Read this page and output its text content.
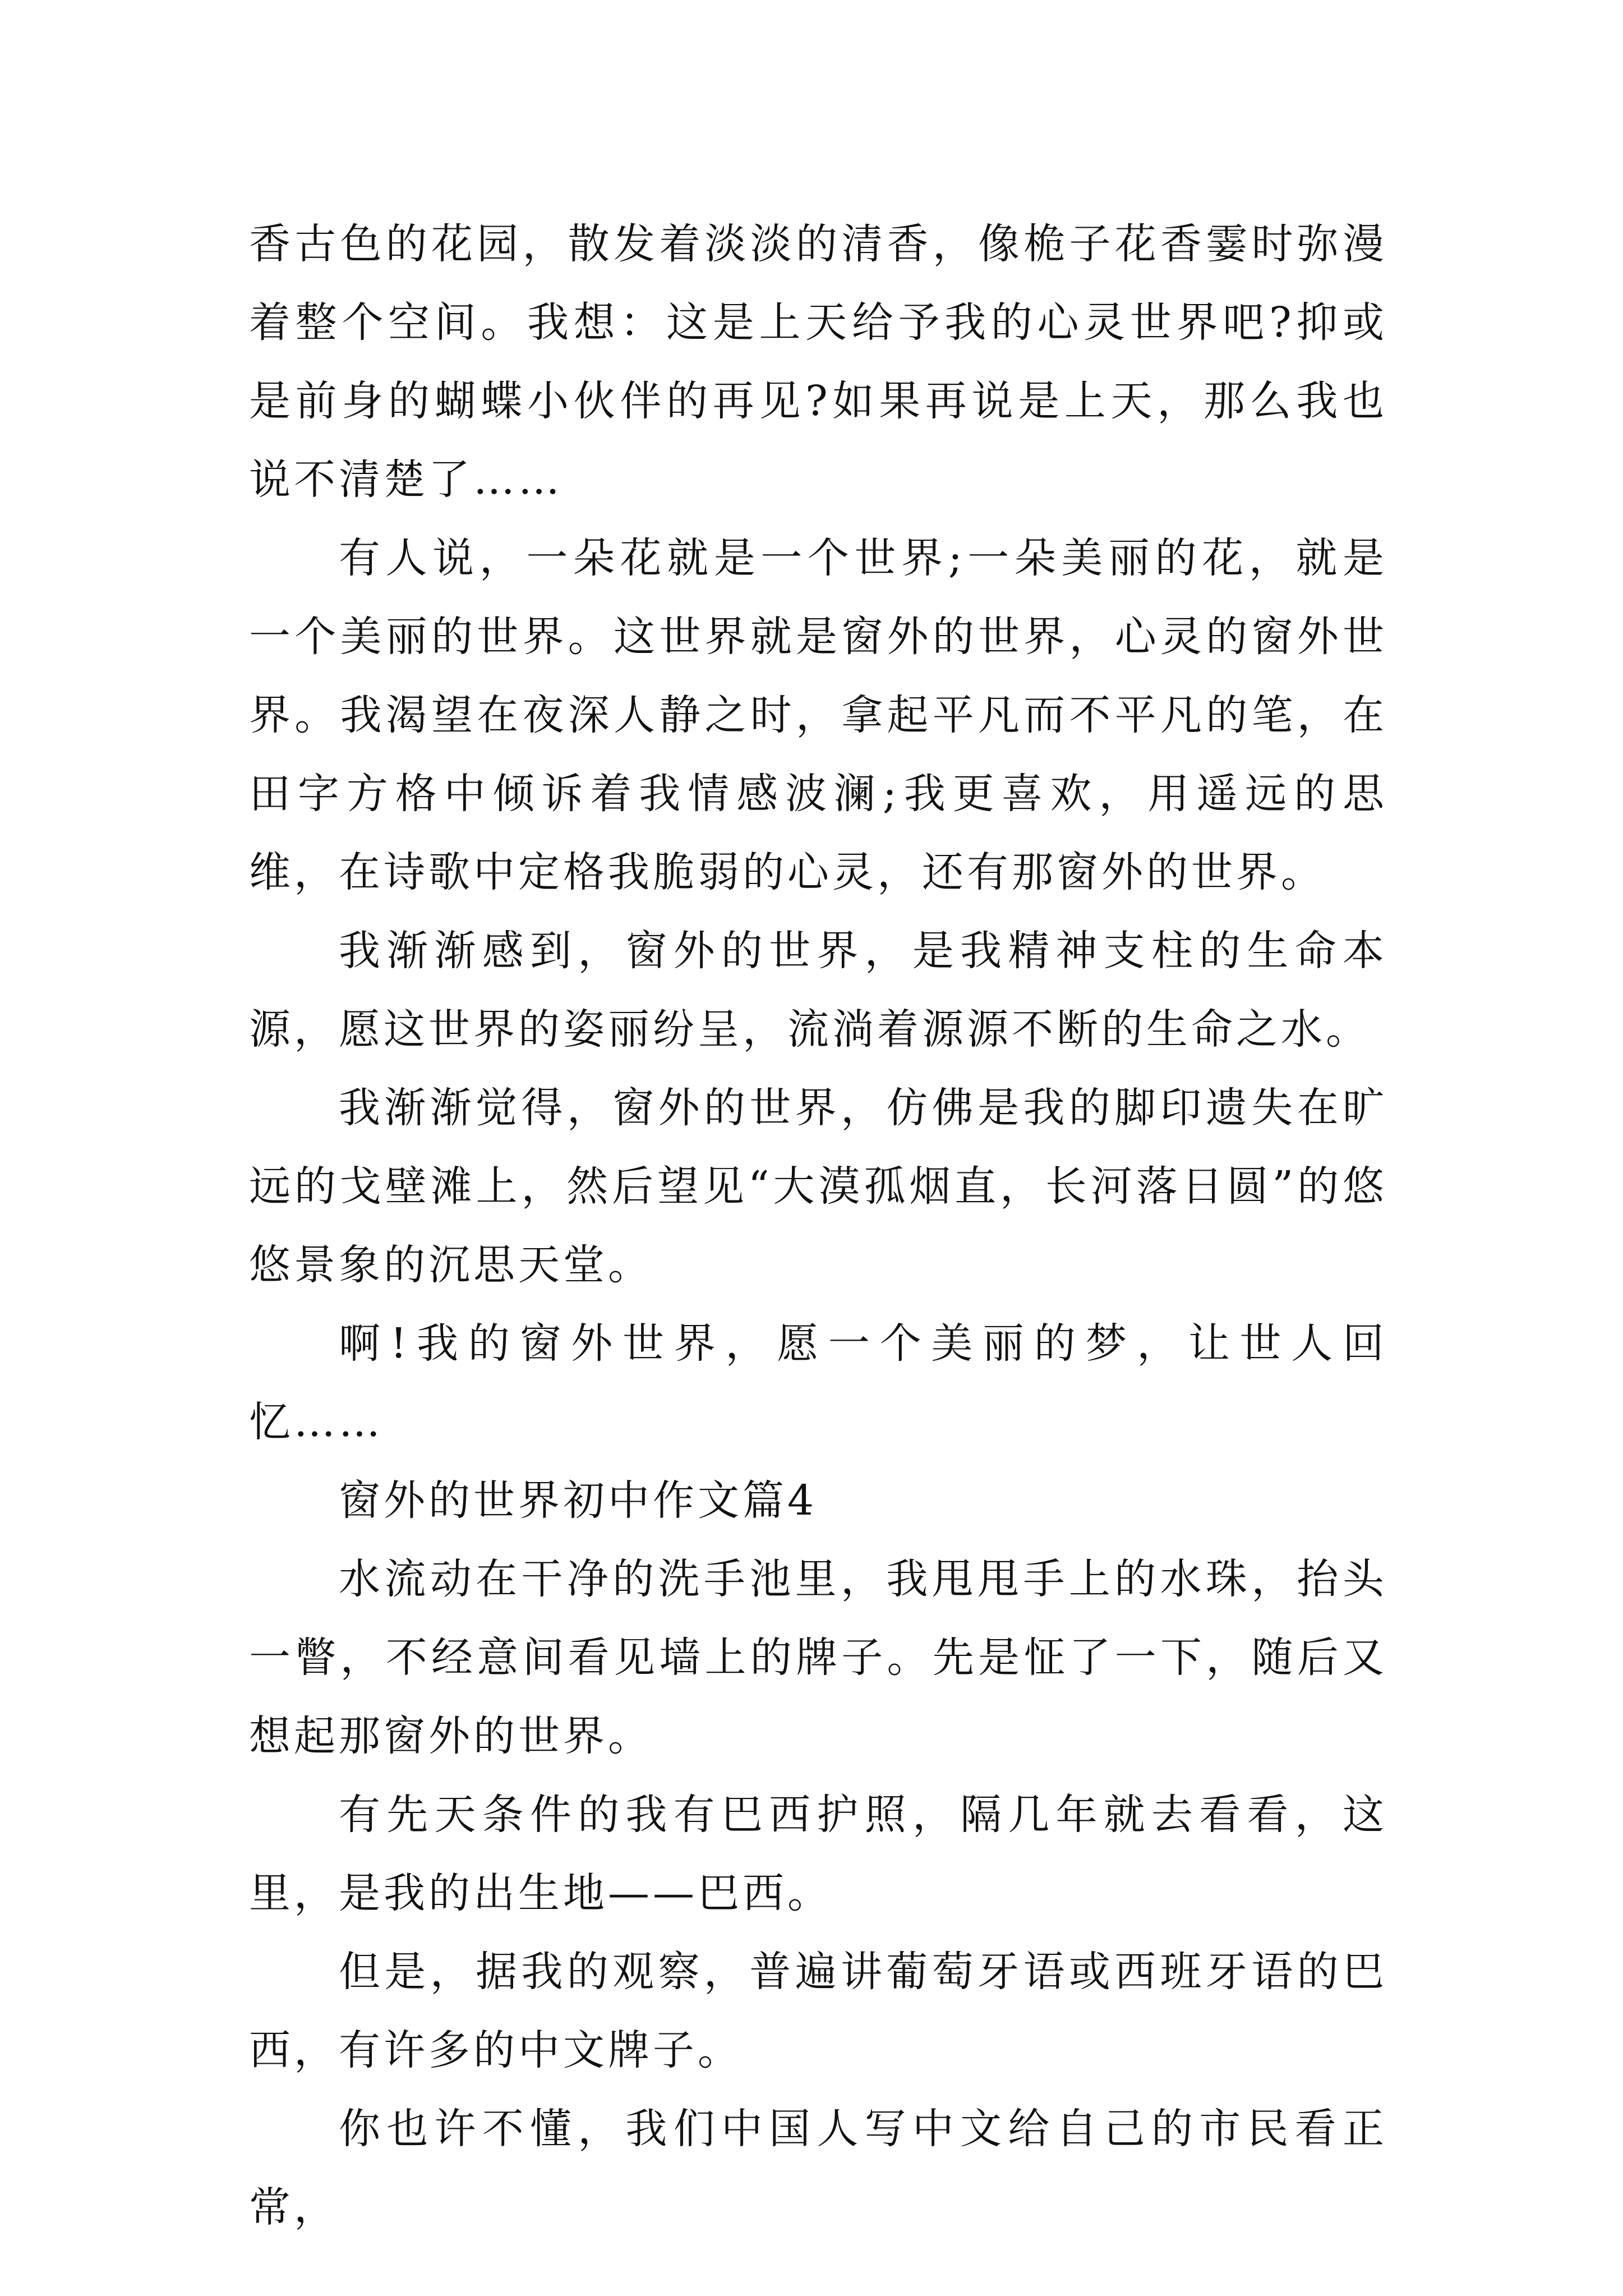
香古色的花园，散发着淡淡的清香，像桅子花香霎时弥漫着整个空间。我想：这是上天给予我的心灵世界吧?抑或是前身的蝴蝶小伙伴的再见?如果再说是上天，那么我也说不清楚了……

有人说，一朵花就是一个世界;一朵美丽的花，就是一个美丽的世界。这世界就是窗外的世界，心灵的窗外世界。我渴望在夜深人静之时，拿起平凡而不平凡的笔，在田字方格中倾诉着我情感波澜;我更喜欢，用遥远的思维，在诗歌中定格我脆弱的心灵，还有那窗外的世界。

我渐渐感到，窗外的世界，是我精神支柱的生命本源，愿这世界的姿丽纷呈，流淌着源源不断的生命之水。

我渐渐觉得，窗外的世界，仿佛是我的脚印遗失在旷远的戈壁滩上，然后望见“大漠孤烟直，长河落日圆”的悠悠景象的沉思天堂。

啊!我的窗外世界，愿一个美丽的梦，让世人回忆……

窗外的世界初中作文篇4

水流动在干净的洗手池里，我甩甩手上的水珠，抬头一瞥，不经意间看见墙上的牌子。先是怔了一下，随后又想起那窗外的世界。

有先天条件的我有巴西护照，隔几年就去看看，这里，是我的出生地——巴西。

但是，据我的观察，普遍讲葡萄牙语或西班牙语的巴西，有许多的中文牌子。

你也许不懂，我们中国人写中文给自己的市民看正常，
